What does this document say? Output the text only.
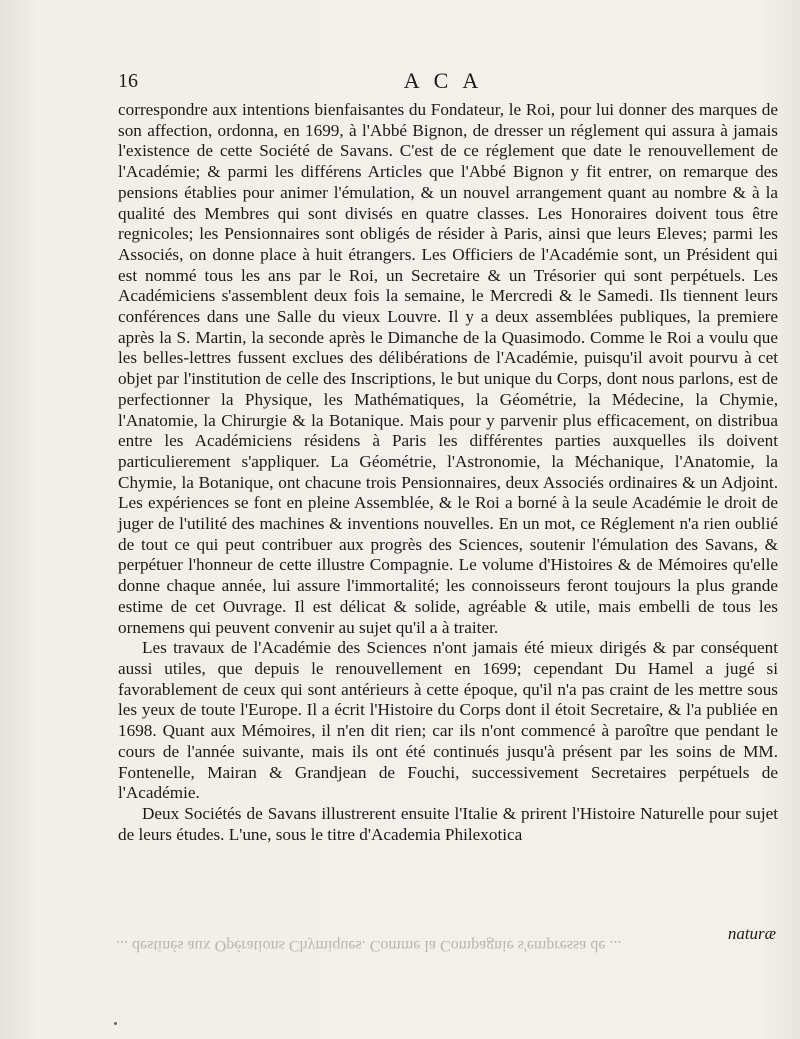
16	ACA

correspondre aux intentions bienfaisantes du Fondateur, le Roi, pour lui donner des marques de son affection, ordonna, en 1699, à l'Abbé Bignon, de dresser un réglement qui assura à jamais l'existence de cette Société de Savans. C'est de ce réglement que date le renouvellement de l'Académie; & parmi les différens Articles que l'Abbé Bignon y fit entrer, on remarque des pensions établies pour animer l'émulation, & un nouvel arrangement quant au nombre & à la qualité des Membres qui sont divisés en quatre classes. Les Honoraires doivent tous être regnicoles; les Pensionnaires sont obligés de résider à Paris, ainsi que leurs Eleves; parmi les Associés, on donne place à huit étrangers. Les Officiers de l'Académie sont, un Président qui est nommé tous les ans par le Roi, un Secretaire & un Trésorier qui sont perpétuels. Les Académiciens s'assemblent deux fois la semaine, le Mercredi & le Samedi. Ils tiennent leurs conférences dans une Salle du vieux Louvre. Il y a deux assemblées publiques, la premiere après la S. Martin, la seconde après le Dimanche de la Quasimodo. Comme le Roi a voulu que les belles-lettres fussent exclues des délibérations de l'Académie, puisqu'il avoit pourvu à cet objet par l'institution de celle des Inscriptions, le but unique du Corps, dont nous parlons, est de perfectionner la Physique, les Mathématiques, la Géométrie, la Médecine, la Chymie, l'Anatomie, la Chirurgie & la Botanique. Mais pour y parvenir plus efficacement, on distribua entre les Académiciens résidens à Paris les différentes parties auxquelles ils doivent particulierement s'appliquer. La Géométrie, l'Astronomie, la Méchanique, l'Anatomie, la Chymie, la Botanique, ont chacune trois Pensionnaires, deux Associés ordinaires & un Adjoint. Les expériences se font en pleine Assemblée, & le Roi a borné à la seule Académie le droit de juger de l'utilité des machines & inventions nouvelles. En un mot, ce Réglement n'a rien oublié de tout ce qui peut contribuer aux progrès des Sciences, soutenir l'émulation des Savans, & perpétuer l'honneur de cette illustre Compagnie. Le volume d'Histoires & de Mémoires qu'elle donne chaque année, lui assure l'immortalité; les connoisseurs feront toujours la plus grande estime de cet Ouvrage. Il est délicat & solide, agréable & utile, mais embelli de tous les ornemens qui peuvent convenir au sujet qu'il a à traiter.

Les travaux de l'Académie des Sciences n'ont jamais été mieux dirigés & par conséquent aussi utiles, que depuis le renouvellement en 1699; cependant Du Hamel a jugé si favorablement de ceux qui sont antérieurs à cette époque, qu'il n'a pas craint de les mettre sous les yeux de toute l'Europe. Il a écrit l'Histoire du Corps dont il étoit Secretaire, & l'a publiée en 1698. Quant aux Mémoires, il n'en dit rien; car ils n'ont commencé à paroître que pendant le cours de l'année suivante, mais ils ont été continués jusqu'à présent par les soins de MM. Fontenelle, Mairan & Grandjean de Fouchi, successivement Secretaires perpétuels de l'Académie.

Deux Sociétés de Savans illustrerent ensuite l'Italie & prirent l'Histoire Naturelle pour sujet de leurs études. L'une, sous le titre d'Academia Philexotica

naturæ
... destinés aux Opérations Chymiques. Comme la Compagnie s'empressa de ...
